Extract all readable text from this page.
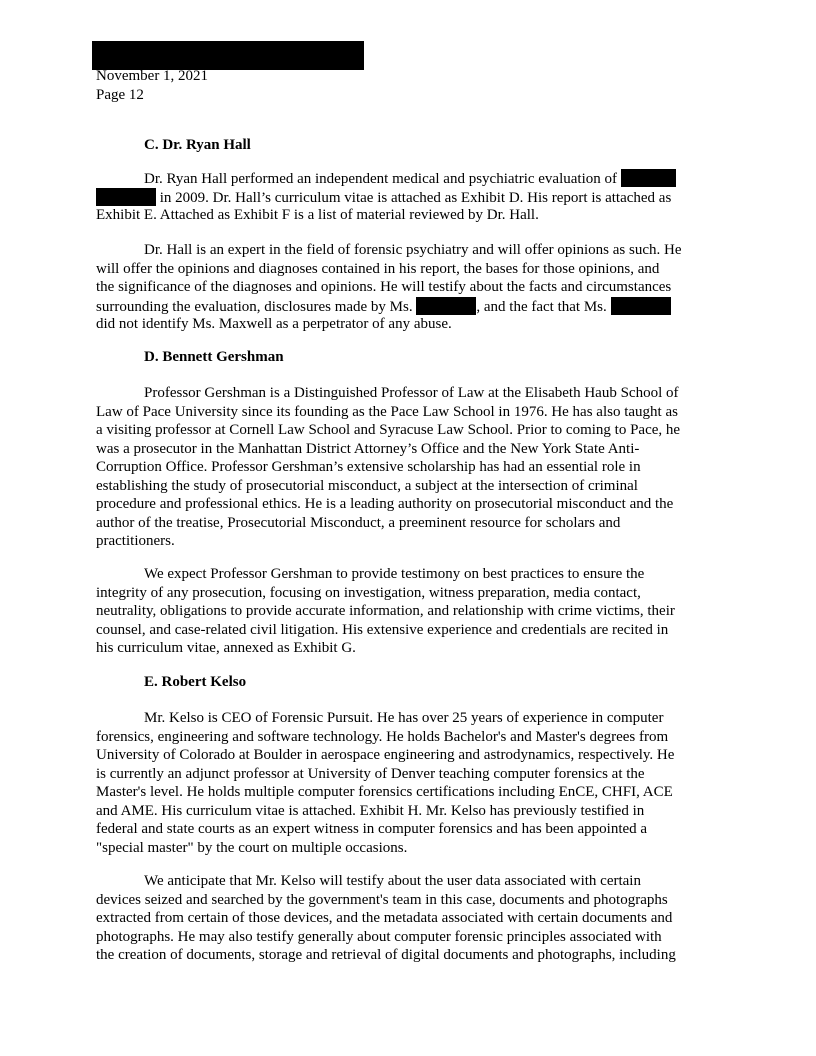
November 1, 2021
Page 12
C. Dr. Ryan Hall
Dr. Ryan Hall performed an independent medical and psychiatric evaluation of
in 2009. Dr. Hall’s curriculum vitae is attached as Exhibit D. His report is attached as
Exhibit E. Attached as Exhibit F is a list of material reviewed by Dr. Hall.
Dr. Hall is an expert in the field of forensic psychiatry and will offer opinions as such. He
will offer the opinions and diagnoses contained in his report, the bases for those opinions, and
the significance of the diagnoses and opinions. He will testify about the facts and circumstances
surrounding the evaluation, disclosures made by Ms.	, and the fact that Ms.
did not identify Ms. Maxwell as a perpetrator of any abuse.
D. Bennett Gershman
Professor Gershman is a Distinguished Professor of Law at the Elisabeth Haub School of
Law of Pace University since its founding as the Pace Law School in 1976. He has also taught as
a visiting professor at Cornell Law School and Syracuse Law School. Prior to coming to Pace, he
was a prosecutor in the Manhattan District Attorney’s Office and the New York State Anti-
Corruption Office. Professor Gershman’s extensive scholarship has had an essential role in
establishing the study of prosecutorial misconduct, a subject at the intersection of criminal
procedure and professional ethics. He is a leading authority on prosecutorial misconduct and the
author of the treatise, Prosecutorial Misconduct, a preeminent resource for scholars and
practitioners.
We expect Professor Gershman to provide testimony on best practices to ensure the
integrity of any prosecution, focusing on investigation, witness preparation, media contact,
neutrality, obligations to provide accurate information, and relationship with crime victims, their
counsel, and case-related civil litigation. His extensive experience and credentials are recited in
his curriculum vitae, annexed as Exhibit G.
E. Robert Kelso
Mr. Kelso is CEO of Forensic Pursuit. He has over 25 years of experience in computer
forensics, engineering and software technology. He holds Bachelor's and Master's degrees from
University of Colorado at Boulder in aerospace engineering and astrodynamics, respectively. He
is currently an adjunct professor at University of Denver teaching computer forensics at the
Master's level. He holds multiple computer forensics certifications including EnCE, CHFI, ACE
and AME. His curriculum vitae is attached. Exhibit H. Mr. Kelso has previously testified in
federal and state courts as an expert witness in computer forensics and has been appointed a
"special master" by the court on multiple occasions.
We anticipate that Mr. Kelso will testify about the user data associated with certain
devices seized and searched by the government's team in this case, documents and photographs
extracted from certain of those devices, and the metadata associated with certain documents and
photographs. He may also testify generally about computer forensic principles associated with
the creation of documents, storage and retrieval of digital documents and photographs, including
